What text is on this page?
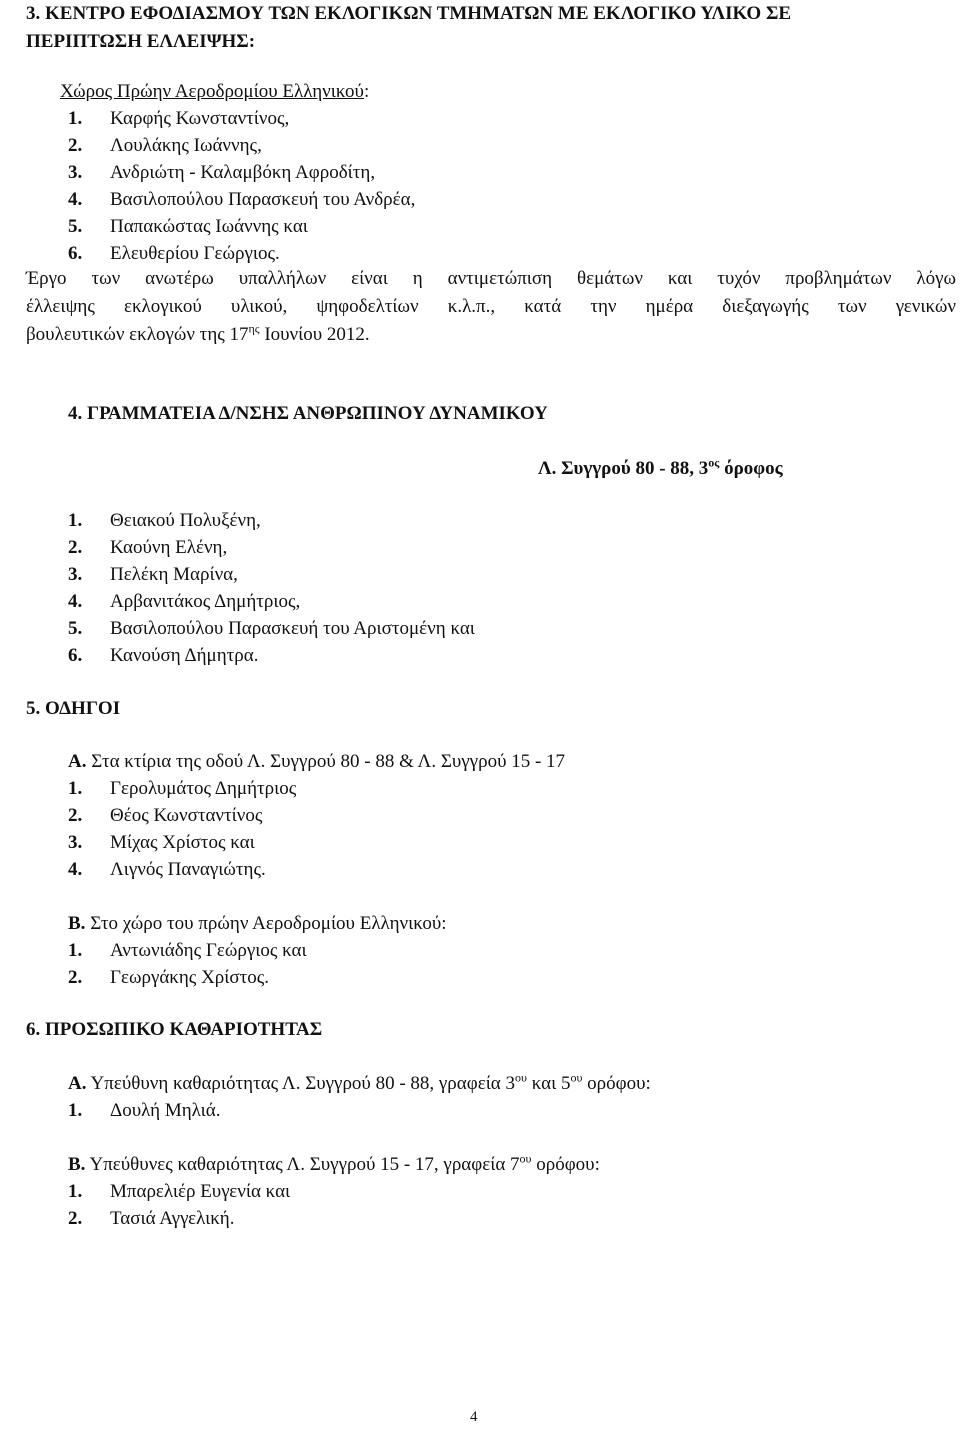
3. ΚΕΝΤΡΟ ΕΦΟΔΙΑΣΜΟΥ ΤΩΝ ΕΚΛΟΓΙΚΩΝ ΤΜΗΜΑΤΩΝ ΜΕ ΕΚΛΟΓΙΚΟ ΥΛΙΚΟ ΣΕ
ΠΕΡΙΠΤΩΣΗ ΕΛΛΕΙΨΗΣ:
Χώρος Πρώην Αεροδρομίου Ελληνικού:
1.	Καρφής Κωνσταντίνος,
2.	Λουλάκης Ιωάννης,
3.	Ανδριώτη - Καλαμβόκη Αφροδίτη,
4.	Βασιλοπούλου Παρασκευή του Ανδρέα,
5.	Παπακώστας Ιωάννης και
6.	Ελευθερίου Γεώργιος.
Έργο των ανωτέρω υπαλλήλων είναι η αντιμετώπιση θεμάτων και τυχόν προβλημάτων λόγω
έλλειψης εκλογικού υλικού, ψηφοδελτίων κ.λ.π., κατά την ημέρα διεξαγωγής των γενικών
βουλευτικών εκλογών της $17^{\eta\varsigma}$ Ιουνίου 2012.
4. ΓΡΑΜΜΑΤΕΙΑ Δ/ΝΣΗΣ ΑΝΘΡΩΠΙΝΟΥ ΔΥΝΑΜΙΚΟΥ
Λ. Συγγρού 80 - 88, $3^{o\varsigma}$ όροφος
1.	Θειακού Πολυξένη,
2.	Καούνη Ελένη,
3.	Πελέκη Μαρίνα,
4.	Αρβανιτάκος Δημήτριος,
5.	Βασιλοπούλου Παρασκευή του Αριστομένη και
6.	Κανούση Δήμητρα.
5. ΟΔΗΓΟΙ
Α. Στα κτίρια της οδού Λ. Συγγρού 80 - 88 & Λ. Συγγρού 15 - 17
1.	Γερολυμάτος Δημήτριος
2.	Θέος Κωνσταντίνος
3.	Μίχας Χρίστος και
4.	Λιγνός Παναγιώτης.
Β. Στο χώρο του πρώην Αεροδρομίου Ελληνικού:
1.	Αντωνιάδης Γεώργιος και
2.	Γεωργάκης Χρίστος.
6. ΠΡΟΣΩΠΙΚΟ ΚΑΘΑΡΙΟΤΗΤΑΣ
Α. Υπεύθυνη καθαριότητας Λ. Συγγρού 80 - 88, γραφεία $3^{o\upsilon}$ και $5^{o\upsilon}$ ορόφου:
1.	Δουλή Μηλιά.
Β. Υπεύθυνες καθαριότητας Λ. Συγγρού 15 - 17, γραφεία $7^{o\upsilon}$ ορόφου:
1.	Μπαρελιέρ Ευγενία και
2.	Τασιά Αγγελική.
4
